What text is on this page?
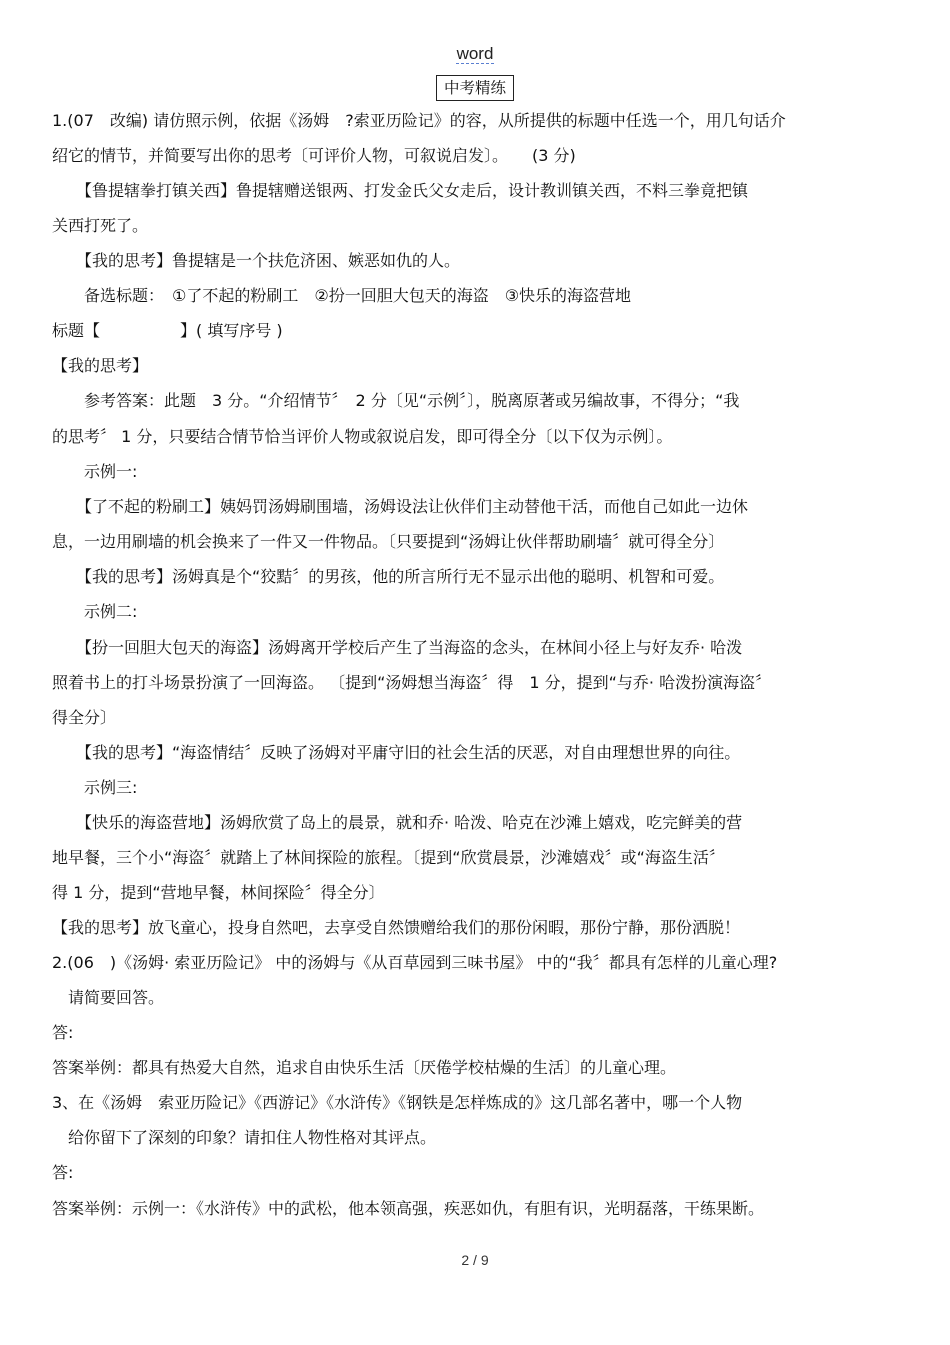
word
中考精练
1.(07　改编) 请仿照示例，依据《汤姆　?索亚历险记》的容，从所提供的标题中任选一个，用几句话介
绍它的情节，并简要写出你的思考〔可评价人物，可叙说启发〕。　　(3 分)
　　【鲁提辖拳打镇关西】鲁提辖赠送银两、打发金氏父女走后，设计教训镇关西，不料三拳竟把镇
关西打死了。
　　【我的思考】鲁提辖是一个扶危济困、嫉恶如仇的人。
　　备选标题：　①了不起的粉刷工　②扮一回胆大包天的海盗　③快乐的海盗营地
标题【　　　　　】( 填写序号 )
【我的思考】
　　参考答案：此题　3 分。“介绍情节〞　2 分〔见“示例〞〕，脱离原著或另编故事，不得分；“我
的思考〞 1 分，只要结合情节恰当评价人物或叙说启发，即可得全分〔以下仅为示例〕。
　　示例一:
　　【了不起的粉刷工】姨妈罚汤姆刷围墙，汤姆设法让伙伴们主动替他干活，而他自己如此一边休
息，一边用刷墙的机会换来了一件又一件物品。〔只要提到“汤姆让伙伴帮助刷墙〞就可得全分〕
　　【我的思考】汤姆真是个“狡黠〞的男孩，他的所言所行无不显示出他的聪明、机智和可爱。
　　示例二:
　　【扮一回胆大包天的海盗】汤姆离开学校后产生了当海盗的念头，在林间小径上与好友乔· 哈泼
照着书上的打斗场景扮演了一回海盗。 〔提到“汤姆想当海盗〞得　1 分，提到“与乔· 哈泼扮演海盗〞
得全分〕
　　【我的思考】“海盗情结〞反映了汤姆对平庸守旧的社会生活的厌恶，对自由理想世界的向往。
　　示例三:
　　【快乐的海盗营地】汤姆欣赏了岛上的晨景，就和乔· 哈泼、哈克在沙滩上嬉戏，吃完鲜美的营
地早餐，三个小“海盗〞就踏上了林间探险的旅程。〔提到“欣赏晨景，沙滩嬉戏〞或“海盗生活〞
得 1 分，提到“营地早餐，林间探险〞得全分〕
【我的思考】放飞童心，投身自然吧，去享受自然馈赠给我们的那份闲暇，那份宁静，那份洒脱！
2.(06　)《汤姆· 索亚历险记》 中的汤姆与《从百草园到三味书屋》 中的“我〞都具有怎样的儿童心理?
　请简要回答。
答:
答案举例：都具有热爱大自然，追求自由快乐生活〔厌倦学校枯燥的生活〕的儿童心理。
3、在《汤姆　索亚历险记》《西游记》《水浒传》《钢铁是怎样炼成的》这几部名著中，哪一个人物
　给你留下了深刻的印象？请扣住人物性格对其评点。
答:
答案举例：示例一：《水浒传》中的武松，他本领高强，疾恶如仇，有胆有识，光明磊落，干练果断。
2 / 9
